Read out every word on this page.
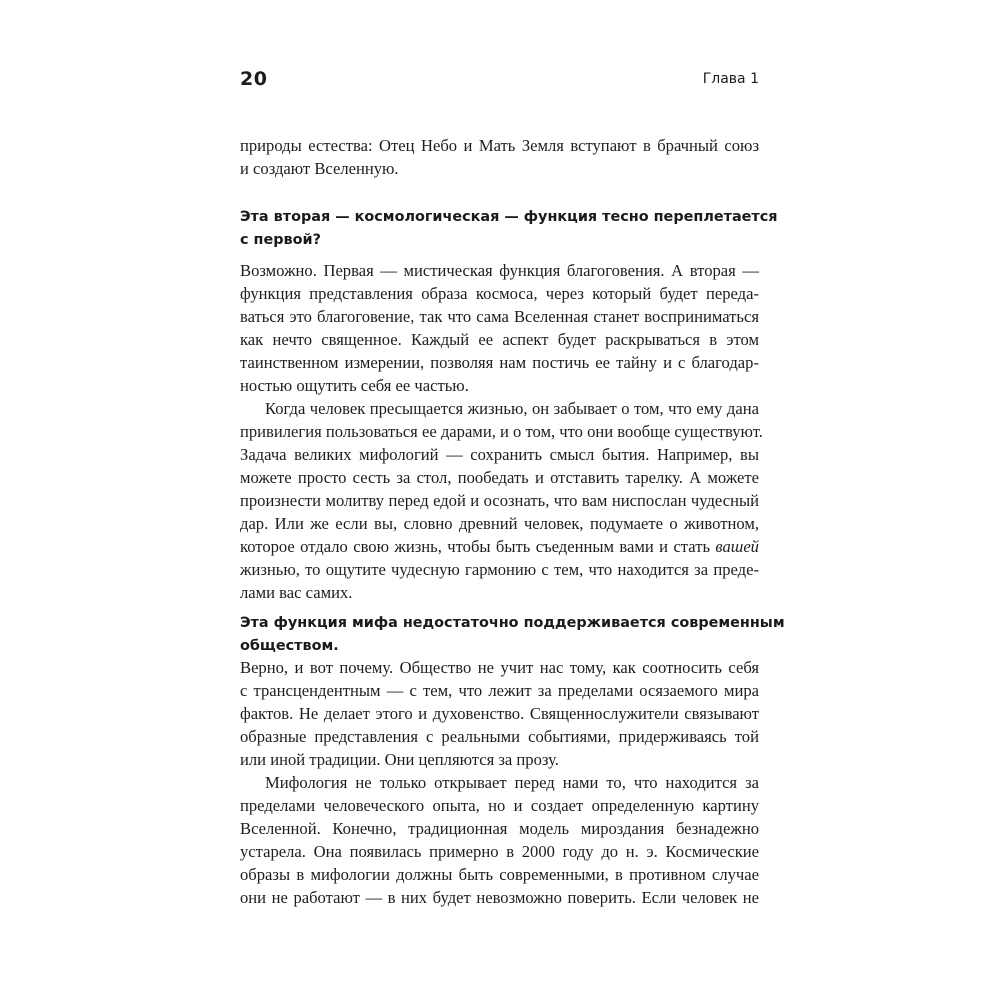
20	Глава 1
природы естества: Отец Небо и Мать Земля вступают в брачный союз
и создают Вселенную.
Эта вторая — космологическая — функция тесно переплетается
с первой?
Возможно. Первая — мистическая функция благоговения. А вторая —
функция представления образа космоса, через который будет переда-
ваться это благоговение, так что сама Вселенная станет восприниматься
как нечто священное. Каждый ее аспект будет раскрываться в этом
таинственном измерении, позволяя нам постичь ее тайну и с благодар-
ностью ощутить себя ее частью.
Когда человек пресыщается жизнью, он забывает о том, что ему дана
привилегия пользоваться ее дарами, и о том, что они вообще существуют.
Задача великих мифологий — сохранить смысл бытия. Например, вы
можете просто сесть за стол, пообедать и отставить тарелку. А можете
произнести молитву перед едой и осознать, что вам ниспослан чудесный
дар. Или же если вы, словно древний человек, подумаете о животном,
которое отдало свою жизнь, чтобы быть съеденным вами и стать вашей
жизнью, то ощутите чудесную гармонию с тем, что находится за преде-
лами вас самих.
Эта функция мифа недостаточно поддерживается современным
обществом.
Верно, и вот почему. Общество не учит нас тому, как соотносить себя
с трансцендентным — с тем, что лежит за пределами осязаемого мира
фактов. Не делает этого и духовенство. Священнослужители связывают
образные представления с реальными событиями, придерживаясь той
или иной традиции. Они цепляются за прозу.
Мифология не только открывает перед нами то, что находится за
пределами человеческого опыта, но и создает определенную картину
Вселенной. Конечно, традиционная модель мироздания безнадежно
устарела. Она появилась примерно в 2000 году до н. э. Космические
образы в мифологии должны быть современными, в противном случае
они не работают — в них будет невозможно поверить. Если человек не
